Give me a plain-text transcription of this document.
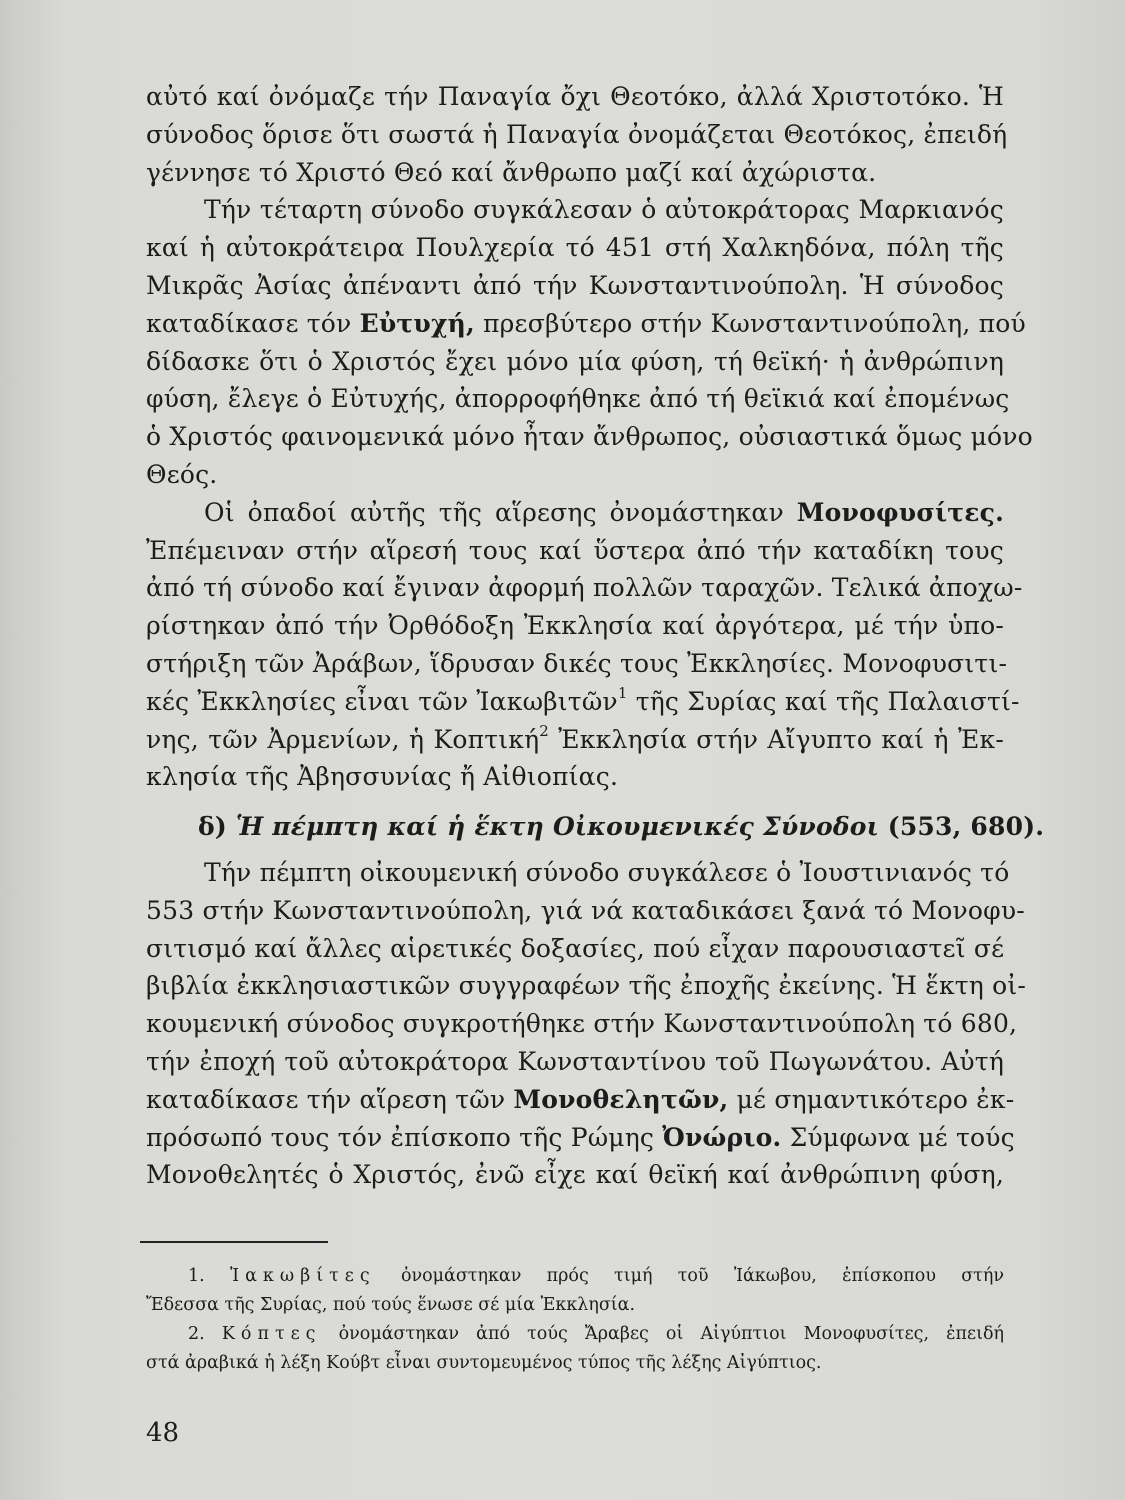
αὐτό καί ὀνόμαζε τήν Παναγία ὄχι Θεοτόκο, ἀλλά Χριστοτόκο. Ἡ
σύνοδος ὅρισε ὅτι σωστά ἡ Παναγία ὀνομάζεται Θεοτόκος, ἐπειδή
γέννησε τό Χριστό Θεό καί ἄνθρωπο μαζί καί ἀχώριστα.
Τήν τέταρτη σύνοδο συγκάλεσαν ὁ αὐτοκράτορας Μαρκιανός
καί ἡ αὐτοκράτειρα Πουλχερία τό 451 στή Χαλκηδόνα, πόλη τῆς
Μικρᾶς Ἀσίας ἀπέναντι ἀπό τήν Κωνσταντινούπολη. Ἡ σύνοδος
καταδίκασε τόν Εὐτυχή, πρεσβύτερο στήν Κωνσταντινούπολη, πού
δίδασκε ὅτι ὁ Χριστός ἔχει μόνο μία φύση, τή θεϊκή· ἡ ἀνθρώπινη
φύση, ἔλεγε ὁ Εὐτυχής, ἀπορροφήθηκε ἀπό τή θεϊκιά καί ἐπομένως
ὁ Χριστός φαινομενικά μόνο ἦταν ἄνθρωπος, οὐσιαστικά ὅμως μόνο
Θεός.
Οἱ ὀπαδοί αὐτῆς τῆς αἵρεσης ὀνομάστηκαν Μονοφυσίτες.
Ἐπέμειναν στήν αἵρεσή τους καί ὕστερα ἀπό τήν καταδίκη τους
ἀπό τή σύνοδο καί ἔγιναν ἀφορμή πολλῶν ταραχῶν. Τελικά ἀποχω-
ρίστηκαν ἀπό τήν Ὀρθόδοξη Ἐκκλησία καί ἀργότερα, μέ τήν ὑπο-
στήριξη τῶν Ἀράβων, ἵδρυσαν δικές τους Ἐκκλησίες. Μονοφυσιτι-
κές Ἐκκλησίες εἶναι τῶν Ἰακωβιτῶν$^1$ τῆς Συρίας καί τῆς Παλαιστί-
νης, τῶν Ἀρμενίων, ἡ Κοπτική$^2$ Ἐκκλησία στήν Αἴγυπτο καί ἡ Ἐκ-
κλησία τῆς Ἀβησσυνίας ἤ Αἰθιοπίας.
δ) Ἡ πέμπτη καί ἡ ἕκτη Οἰκουμενικές Σύνοδοι (553, 680).
Τήν πέμπτη οἰκουμενική σύνοδο συγκάλεσε ὁ Ἰουστινιανός τό
553 στήν Κωνσταντινούπολη, γιά νά καταδικάσει ξανά τό Μονοφυ-
σιτισμό καί ἄλλες αἱρετικές δοξασίες, πού εἶχαν παρουσιαστεῖ σέ
βιβλία ἐκκλησιαστικῶν συγγραφέων τῆς ἐποχῆς ἐκείνης. Ἡ ἕκτη οἰ-
κουμενική σύνοδος συγκροτήθηκε στήν Κωνσταντινούπολη τό 680,
τήν ἐποχή τοῦ αὐτοκράτορα Κωνσταντίνου τοῦ Πωγωνάτου. Αὐτή
καταδίκασε τήν αἵρεση τῶν Μονοθελητῶν, μέ σημαντικότερο ἐκ-
πρόσωπό τους τόν ἐπίσκοπο τῆς Ρώμης Ὀνώριο. Σύμφωνα μέ τούς
Μονοθελητές ὁ Χριστός, ἐνῶ εἶχε καί θεϊκή καί ἀνθρώπινη φύση,
1. Ἰακωβίτες ὀνομάστηκαν πρός τιμή τοῦ Ἰάκωβου, ἐπίσκοπου στήν
Ἔδεσσα τῆς Συρίας, πού τούς ἕνωσε σέ μία Ἐκκλησία.
2. Κόπτες ὀνομάστηκαν ἀπό τούς Ἄραβες οἱ Αἰγύπτιοι Μονοφυσίτες, ἐπειδή
στά ἀραβικά ἡ λέξη Κούβτ εἶναι συντομευμένος τύπος τῆς λέξης Αἰγύπτιος.
48
